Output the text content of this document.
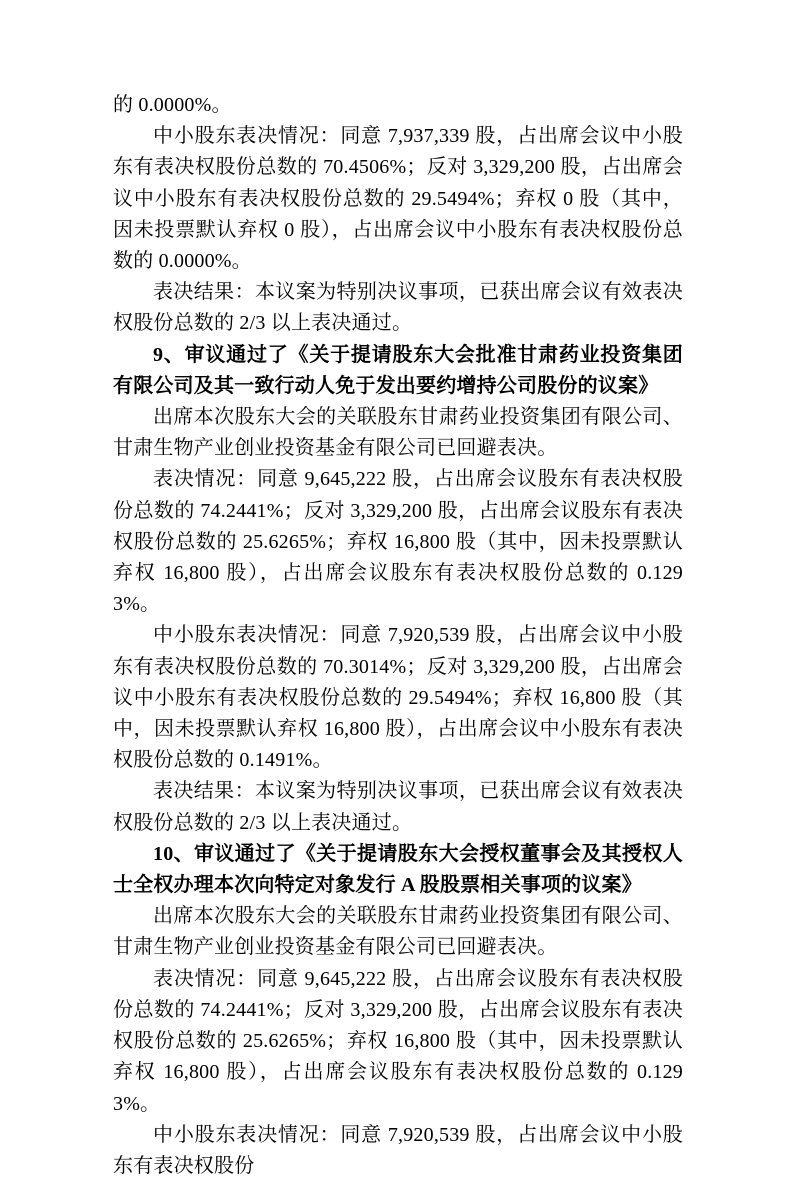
的 0.0000%。

中小股东表决情况：同意 7,937,339 股，占出席会议中小股东有表决权股份总数的 70.4506%；反对 3,329,200 股，占出席会议中小股东有表决权股份总数的 29.5494%；弃权 0 股（其中，因未投票默认弃权 0 股），占出席会议中小股东有表决权股份总数的 0.0000%。

表决结果：本议案为特别决议事项，已获出席会议有效表决权股份总数的 2/3 以上表决通过。

9、审议通过了《关于提请股东大会批准甘肃药业投资集团有限公司及其一致行动人免于发出要约增持公司股份的议案》

出席本次股东大会的关联股东甘肃药业投资集团有限公司、甘肃生物产业创业投资基金有限公司已回避表决。

表决情况：同意 9,645,222 股，占出席会议股东有表决权股份总数的 74.2441%；反对 3,329,200 股，占出席会议股东有表决权股份总数的 25.6265%；弃权 16,800 股（其中，因未投票默认弃权 16,800 股），占出席会议股东有表决权股份总数的 0.1293%。

中小股东表决情况：同意 7,920,539 股，占出席会议中小股东有表决权股份总数的 70.3014%；反对 3,329,200 股，占出席会议中小股东有表决权股份总数的 29.5494%；弃权 16,800 股（其中，因未投票默认弃权 16,800 股），占出席会议中小股东有表决权股份总数的 0.1491%。

表决结果：本议案为特别决议事项，已获出席会议有效表决权股份总数的 2/3 以上表决通过。

10、审议通过了《关于提请股东大会授权董事会及其授权人士全权办理本次向特定对象发行 A 股股票相关事项的议案》

出席本次股东大会的关联股东甘肃药业投资集团有限公司、甘肃生物产业创业投资基金有限公司已回避表决。

表决情况：同意 9,645,222 股，占出席会议股东有表决权股份总数的 74.2441%；反对 3,329,200 股，占出席会议股东有表决权股份总数的 25.6265%；弃权 16,800 股（其中，因未投票默认弃权 16,800 股），占出席会议股东有表决权股份总数的 0.1293%。

中小股东表决情况：同意 7,920,539 股，占出席会议中小股东有表决权股份
